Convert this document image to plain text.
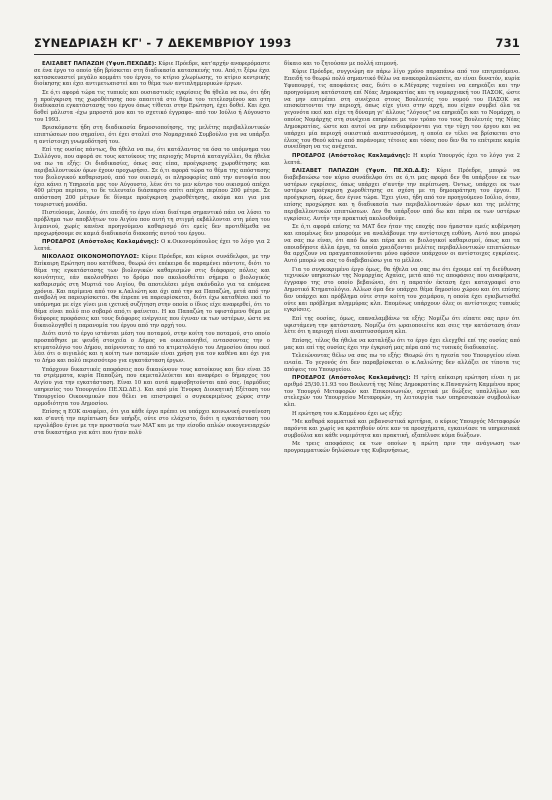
ΣΥΝΕΔΡΙΑΣΗ ΚΓ' - 7 ΔΕΚΕΜΒΡΙΟΥ 1993	731

ΕΛΙΣΑΒΕΤ ΠΑΠΑΖΩΗ (Υφυπ.ΠΕΧΩΔΕ): Κύριε Πρόεδρε, κατ'αρχήν αναφερόμαστε σε ένα έργο το οποίο ήδη βρίσκεται στη διαδικασία κατασκευής του. Από,τι ξέρω έχει κατασκευαστεί μεγάλο κομμάτι του έργου, το κτίριο χλωρίωσης, το κτίριο κεντρικής διοίκησης και έχει αντιμετωπιστεί και το θέμα των αντιπλημμυρικών έργων.

Σε ό,τι αφορά τώρα τις τυπικές και ουσιαστικές εγκρίσεις θα ήθελα να πω, ότι ήδη η προέγκριση της χωροθέτησης που απαιτιτά στο θέμα του τετελεσμένου και στη διαδικασία εγκατάστασης του έργου όπως τίθεται στην Ερώτηση, έχει δοθεί. Και έχει δοθεί μάλιστα -έχω μπροστά μου και το σχετικό έγγραφο- από τον Ιούλιο ή Αύγουστο του 1993.

Βρισκόμαστε ήδη στη διαδικασία δημοσιοποίησης, της μελέτης περιβαλλοντικών επιπτώσεων που σημαίνει, ότι έχει σταλεί στο Νομαρχιακό Συμβούλιο για να υπάρξει η αντίστοιχη γνωμοδότησή του.

Επί της ουσίας πάντως, θα ήθελα να πω, ότι κατάλαντας τα όσα το υπόμνημα του Συλλόγου, που αφορά σε τους κατοίκους της περιοχής Μυρτιά καταγγέλλει, θα ήθελα να πω τα εξής: Οι διαδικασίες, όπως σας είπα, προέγκρισης χωροθέτησης και περιβαλλοντικών όρων έχουν προχωρήσει. Σε ό,τι αφορά τώρα το θέμα της απόστασης του βιολογικού καθαρισμού, από τον οικισμό, οι πληροφορίες από την αυτοψία που έχει κάνει η Υπηρεσία μας τον Αύγουστο, λένε ότι το μεν κέντρο του οικισμού απέχει 400 μέτρα περίπου, το δε τελευταίο διάσπαρτο σπίτι απέχει περίπου 200 μέτρα. Σε απόσταση 200 μέτρων δε δίναμε προέγκριση χωροθέτησης, ακόμα και για μια τουριστική μονάδα.

Πιστεύουμε, λοιπόν, ότι επειδή το έργο είναι διαίτερα σημαντικό πάει να λύσει το πρόβλημα των αποβλήτων του Αιγίου που αυτή τη στιγμή εκβάλλονται στη μέση του λιμανιού, χωρίς κανένα προηγούμενο καθαρισμό ότι εμείς δεν προτιθέμεθα να προχωρήσουμε σε καμιά διαδικασία διακοπής αυτού του έργου.

ΠΡΟΕΔΡΟΣ (Απόστολος Κακλαμάνης): Ο κ.Οικονομόπουλος έχει το λόγο για 2 λεπτά.

ΝΙΚΟΛΑΟΣ ΟΙΚΟΝΟΜΟΠΟΥΛΟΣ: Κύριε Πρόεδρε, και κύριοι συνάδελφοι, με την Επίκαιρη Ερώτηση που κατέθεσα, θεωρώ ότι επέκειρα δε παραμένει πάντοτε, διότι το θέμα της εγκατάστασης των βιολογικών καθαρισμών στις διάφορες πόλεις και κοινότητες, εάν ακολουθήσει το δρόμο που ακολουθείται σήμερα ο βιολογικός καθαρισμός στη Μυρτιά του Αιγίου, θα αποτελέσει μέγα σκάνδαλο για τα επόμενα χρόνια. Και περίμενα από τον κ.Λαλιώτη και όχι από την κα Παπαζώη, μετά από την αναβολή να παρευρίσκεται. Θα έπρεπε να παρευρίσκεται, διότι έχω καταθέσει εκεί το υπόμνημα με είχε γίνει μια ιχετική συζήτηση στην οποία ο ίδιος είχε αναφερθεί, ότι το θέμα είναι πολύ πιο σοβαρό από,τι φαίνεται. Η κα Παπαζώη το υφιστάμενο θέμα με διάφορες προφάσεις και τους διάφορες ενέργειες που έγιναν εκ των υστέρων, ώστε να δικαιολογηθεί η παρανομία του έργου από την αρχή του.

Διότι αυτό το έργο ιστάνται μέση του ποταμού, στην κοίτη του ποταμού, στο οποίο προσπάθησε με ψευδή στοιχεία ο Δήμος να οικειοποιηθεί, εντασσοντας την ο κτιματολόγιο του Δήμου, παίρνοντας το από το κτιματολόγιο του Δημοσίου όπου εκεί λέει ότι ο αιγιαλός και η κοίτη των ποταμών είναι χρήση για τον καθένα και όχι για το Δήμο και πολύ περισσότερο για εγκατάσταση έργων.

Υπάρχουν δικαστικές αποφάσεις που δικαιώνουν τους κατοίκους και δεν είναι 35 τα στρέμματα, κυρία Παπαζώη, που εκμεταλλεύεται και αναφέρει ο δήμαρχος του Αιγίου για την εγκατάσταση. Είναι 10 και αυτά αμφισβητούνται από σας. (αρμόδιες υπηρεσίες του Υπουργείου ΠΕ.ΧΩ.ΔΕ.). Και από μία Ένορκη Διοικητική Εξέταση του Υπουργείου Οικονομικών που θέλει να επιστραφεί ο συγκεκριμένος χώρος στην αρμοδιότητα του Δημοσίου.

Επίσης η ΕΟΚ αναφέρει, ότι για κάθε έργο πρέπει να υπάρχει κοινωνική συναίνεση και σ'αυτή την περίπτωση δεν υπήρξε, ούτε στο ελάχιστο, διότι η εγκατάσταση του εργολάβου έγινε με την προστασία των ΜΑΤ και με την είσοδο απλών οικογενειαρχών στα δικαστήρια για κάτι που ήταν πολύ

δίκαιο και το ζητούσαν με πολλή επιμονή.

Κύριε Πρόεδρε, συγγνώμη αν πάρω λίγο χρόνο παραπάνω από τον επιτρεπόμενο. Επειδή το θεωρώ πολύ σημαντικό θέλω να ανακεφαλαιώσετε, αν είναι δυνατόν, κυρία Υφυπουργέ, τις αποφάσεις σας, διότι ο κ.Μέγαρης τυχαίνει να επηρεάζει και την προηγούμενη κατάσταση επί Νέας Δημοκρατίας και τη νομαρχιακή του ΠΑΣΟΚ, ώστε να μην επιτρέπει στη συνέχεια στους Βουλευτές του νομού του ΠΑΣΟΚ να επισκέπτονται την περιοχή, όπως είχε γίνει στην αρχή, που είχαν συμβεί όλα τα γεγονότα εκεί και είχε τη δύναμη γι' άλλους "λόγους" να επηρεάζει και το Νομάρχη, ο οποίος Νομάρχης στη συνέχεια επηρέασε με τον τρόπο του τους Βουλευτές της Νέας Δημοκρατίας, ώστε και αυτοί να μην ενδιαφέρονται για την τύχη του έργου και να υπάρχει μία περιοχή οικιστικά αναπτυσσόμενη, η οποία εν τέλει να βρίσκεται στο έλεος του Θεού κάτω από παράνομες τέτοιες και τόσες που δεν θα το επέτρεπε καμία συνείδηση να τις ανέχεται.

ΠΡΟΕΔΡΟΣ (Απόστολος Κακλαμάνης): Η κυρία Υπουργός έχει το λόγο για 2 λεπτά.

ΕΛΙΣΑΒΕΤ ΠΑΠΑΖΩΗ (Υφυπ. ΠΕ.ΧΩ.Δ.Ε): Κύριε Πρόεδρε, μπορώ να διαβεβαιώσω τον κύριο συνάδελφο ότι σε ό,τι μας αφορά δεν θα υπάρξουν εκ των υστέρων εγκρίσεις, όπως υπάρχει σ'αυτήν την περίπτωση. Όντως, υπάρχει εκ των υστέρων προέγκριση χωροθέτησης σε σχέση με τη δημοπράτηση του έργου. Η προέγκριση, όμως, δεν έγινε τώρα. Έχει γίνει, ήδη από τον προηγούμενο Ιούλιο, όταν, επίσης προχώρησε και η διαδικασία των περιβαλλοντικών όρων και της μελέτης περιβαλλοντικών επιπτώσεων. Δεν θα υπάρξουν από δω και πέρα εκ των υστέρων εγκρίσεις. Αυτήν την πρακτική ακολουθούμε.

Σε ό,τι αφορά επίσης τα ΜΑΤ δεν ήταν της εποχής που ήμασταν εμείς κυβέρνηση και επομένως δεν μπορούμε να αναλάβουμε την αντίστοιχη ευθύνη. Αυτό που μπορώ να σας πω είναι, ότι από δω και πέρα και οι βιολογικοί καθαρισμοί, όπως και τα οποιαδήποτε άλλα έργα, τα οποία χρειάζονται μελέτες περιβαλλοντικών επιπτώσεων θα αρχίζουν να πραγματοποιούνται μόνο εφόσον υπάρχουν οι αντίστοιχες εγκρίσεις. Αυτό μπορώ να σας το διαβεβαιώσω για το μέλλον.

Για το συγκεκριμένο έργο όμως, θα ήθελα να σας πω ότι έχουμε επί τη διεύθυνση τεχνικών υπηρεσιών της Νομαρχίας Αχαΐας, μετά από τις αποφάσεις που αναφέρατε, έγγραφο της στο οποίο βεβαιώνει, ότι η παρατόν έκταση έχει καταγραφεί στο Δημοτικό Κτηματολόγιο. Αλλωσ όμα δεν υπάρχει θέμα δημοσίου χώρου και ότι επίσης δεν υπάρχει και πρόβλημα ούτε στην κοίτη του χειμάρου, η οποία έχει εγκιβωτισθεί ούτε και πρόβλημα πλημμύρας κλπ. Επομένως υπάρχουν όλες οι αντίστοιχες τυπικές εγκρίσεις.

Επί της ουσίας, όμως, επαναλαμβάνω τα εξής: Νομίζω ότι είπατε σας πριν ότι υφιστάμενη την κατάσταση. Νομίζω ότι ωραιοποιείτε και σεις την κατάσταση όταν λέτε ότι η περιοχή είναι αναπτυσσόμενη κλπ.

Επίσης, τέλος θα ήθελα να καταλήξω ότι το έργο έχει ελεγχθεί επί της ουσίας από μας και επί της ουσίας έχει την έγκρισή μας πέρα από τις τυπικές διαδικασίες.

Τελειώνοντας θέλω να σας πω το εξής: Θεωρώ ότι η ηγεσία του Υπουργείου είναι ενιαία. Το γεγονός ότι δεν παραβρίσκεται ο κ.Λαλιώτης δεν αλλάζει σε τίποτα τις απόψεις του Υπουργείου.

ΠΡΟΕΔΡΟΣ (Απόστολος Κακλαμάνης): Η τρίτη επίκαιρη ερώτηση είναι η με αριθμό 25/30.11.93 του Βουλευτή της Νέας Δημοκρατίας κ.Παναγιώτη Καμμένου προς τον Υπουργό Μεταφορών και Επικοινωνιών, σχετικά με διώξεις υπαλλήλων και στελεχών του Υπουργείου Μεταφορών, τη λειτουργία των υπηρεσιακών συμβουλίων κλπ.

Η ερώτηση του κ.Καμμένου έχει ως εξής:

"Με καθαρά κομματικά και ρεβανσιστικά κριτήρια, ο κύριος Υπουργός Μεταφορών παρόντα και χωρίς να κρατηθούν ούτε καν τα προσχήματα, εγκαινίασε τα υπηρεσιακά συμβούλια και κάθε νομιμότητα και πρακτική, εξαπέλυσε κύμα διώξεων.

Με τρεις αποφάσεις εκ των οποίων η πρώτη πριν την ανάγνωση των προγραμματικών δηλώσεων της Κυβερνήσεως,
